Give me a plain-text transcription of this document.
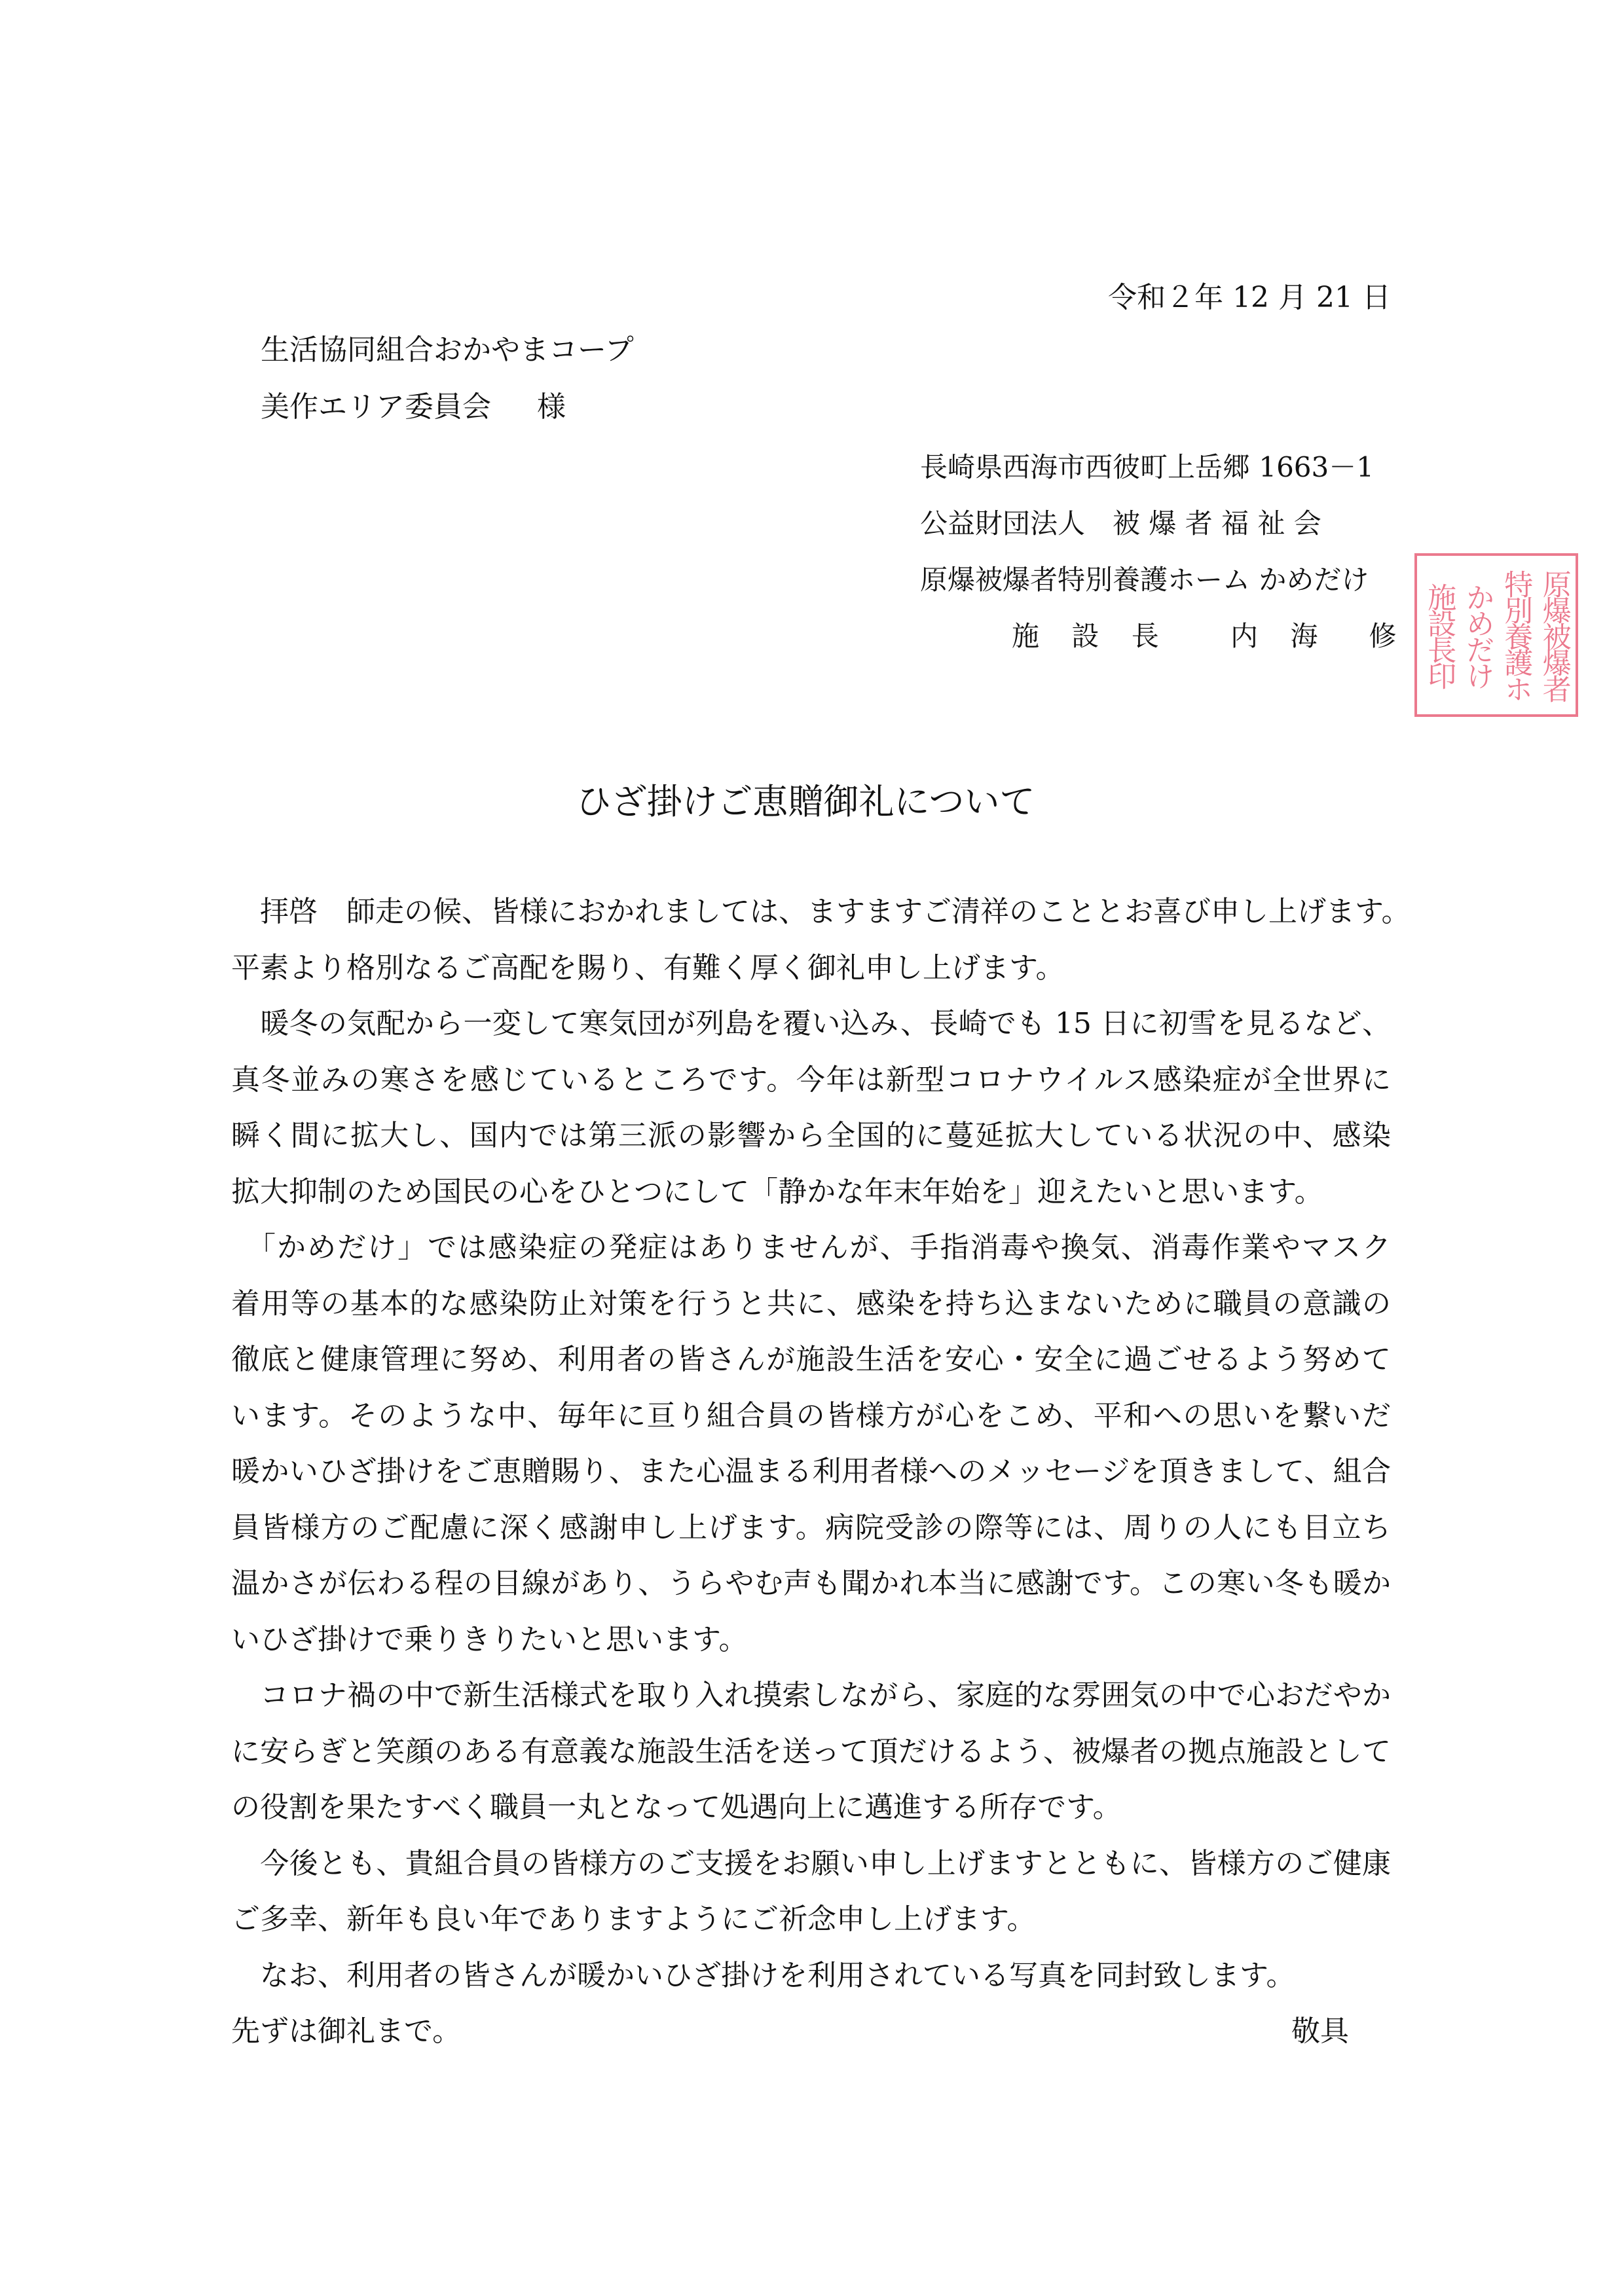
令和２年 12 月 21 日
生活協同組合おかやまコープ
美作エリア委員会 様
長崎県西海市西彼町上岳郷 1663－1
公益財団法人　被 爆 者 福 祉 会
原爆被爆者特別養護ホーム かめだけ
施 設 長　 内 海　修	原爆被爆者
特別養護ホ
かめだけ
施設長印
ひざ掛けご恵贈御礼について
　拝啓　師走の候、皆様におかれましては、ますますご清祥のこととお喜び申し上げます。
平素より格別なるご高配を賜り、有難く厚く御礼申し上げます。
　暖冬の気配から一変して寒気団が列島を覆い込み、長崎でも 15 日に初雪を見るなど、
真冬並みの寒さを感じているところです。今年は新型コロナウイルス感染症が全世界に
瞬く間に拡大し、国内では第三派の影響から全国的に蔓延拡大している状況の中、感染
拡大抑制のため国民の心をひとつにして「静かな年末年始を」迎えたいと思います。
　「かめだけ」では感染症の発症はありませんが、手指消毒や換気、消毒作業やマスク
着用等の基本的な感染防止対策を行うと共に、感染を持ち込まないために職員の意識の
徹底と健康管理に努め、利用者の皆さんが施設生活を安心・安全に過ごせるよう努めて
います。そのような中、毎年に亘り組合員の皆様方が心をこめ、平和への思いを繋いだ
暖かいひざ掛けをご恵贈賜り、また心温まる利用者様へのメッセージを頂きまして、組合
員皆様方のご配慮に深く感謝申し上げます。病院受診の際等には、周りの人にも目立ち
温かさが伝わる程の目線があり、うらやむ声も聞かれ本当に感謝です。この寒い冬も暖か
いひざ掛けで乗りきりたいと思います。
　コロナ禍の中で新生活様式を取り入れ摸索しながら、家庭的な雰囲気の中で心おだやか
に安らぎと笑顔のある有意義な施設生活を送って頂だけるよう、被爆者の拠点施設として
の役割を果たすべく職員一丸となって処遇向上に邁進する所存です。
　今後とも、貴組合員の皆様方のご支援をお願い申し上げますとともに、皆様方のご健康
ご多幸、新年も良い年でありますようにご祈念申し上げます。
　なお、利用者の皆さんが暖かいひざ掛けを利用されている写真を同封致します。
先ずは御礼まで。	敬具
